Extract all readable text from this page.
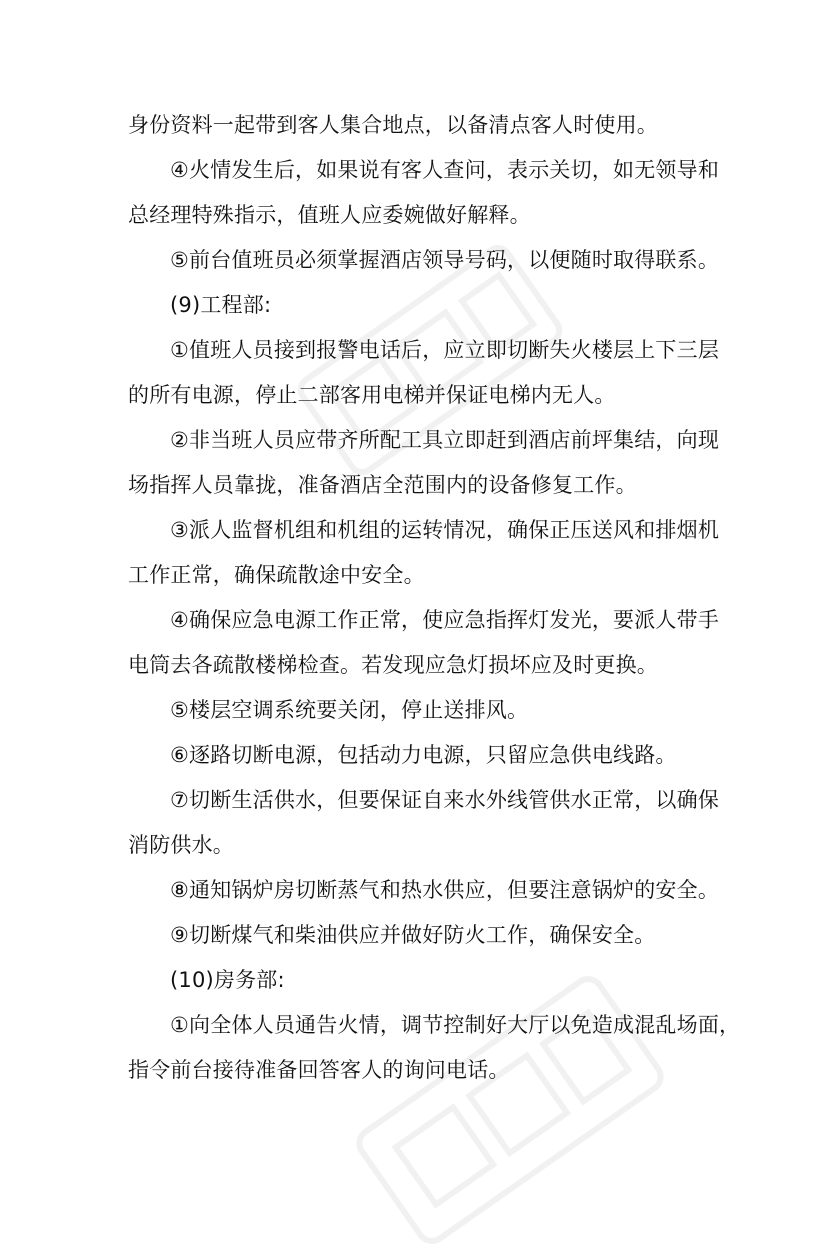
身份资料一起带到客人集合地点，以备清点客人时使用。
④火情发生后，如果说有客人查问，表示关切，如无领导和
总经理特殊指示，值班人应委婉做好解释。
⑤前台值班员必须掌握酒店领导号码，以便随时取得联系。
(9)工程部:
①值班人员接到报警电话后，应立即切断失火楼层上下三层
的所有电源，停止二部客用电梯并保证电梯内无人。
②非当班人员应带齐所配工具立即赶到酒店前坪集结，向现
场指挥人员靠拢，准备酒店全范围内的设备修复工作。
③派人监督机组和机组的运转情况，确保正压送风和排烟机
工作正常，确保疏散途中安全。
④确保应急电源工作正常，使应急指挥灯发光，要派人带手
电筒去各疏散楼梯检查。若发现应急灯损坏应及时更换。
⑤楼层空调系统要关闭，停止送排风。
⑥逐路切断电源，包括动力电源，只留应急供电线路。
⑦切断生活供水，但要保证自来水外线管供水正常，以确保
消防供水。
⑧通知锅炉房切断蒸气和热水供应，但要注意锅炉的安全。
⑨切断煤气和柴油供应并做好防火工作，确保安全。
(10)房务部:
①向全体人员通告火情，调节控制好大厅以免造成混乱场面，
指令前台接待准备回答客人的询问电话。
